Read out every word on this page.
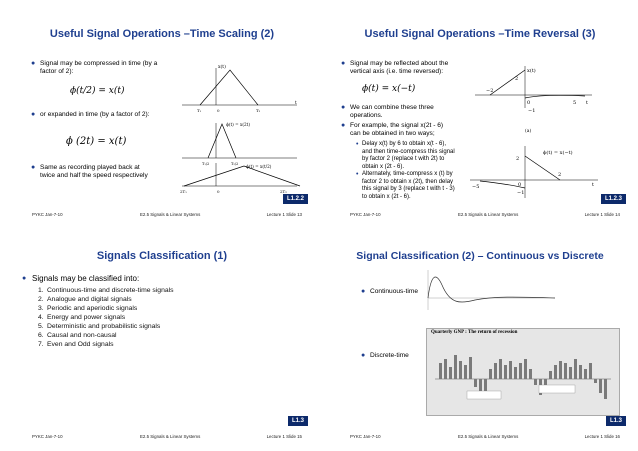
Useful Signal Operations –Time Scaling (2)
● Signal may be compressed in time (by a factor of 2):
ϕ(t/2) = x(t)
● or expanded in time (by a factor of 2):
ϕ (2t) = x(t)
● Same as recording played back at twice and half the speed respectively
x(t)
t
T₁	0	T₂
ϕ(t) = x(2t)
T₁/2	T₂/2 ϕ(t) = x(t/2)
2T₁	0	2T₂
L1.2.2
PYKC Jan-7-10	E2.5 Signals & Linear Systems	Lecture 1 Slide 13
Useful Signal Operations –Time Reversal (3)
● Signal may be reflected about the vertical axis (i.e. time reversed):
ϕ(t) = x(−t)
● We can combine these three operations.
● For example, the signal x(2t - 6) can be obtained in two ways;
• Delay x(t) by 6 to obtain x(t - 6), and then time-compress this signal by factor 2 (replace t with 2t) to obtain x (2t - 6).
• Alternately, time-compress x (t) by factor 2 to obtain x (2t), then delay this signal by 3 (replace t with t - 3) to obtain x (2t - 6).
x(t)
2
−2
0	5 t
−1
(a)
ϕ(t) = x(−t)
2
2
−5	0
−1
t
L1.2.3
PYKC Jan-7-10	E2.5 Signals & Linear Systems	Lecture 1 Slide 14
Signals Classification (1)
● Signals may be classified into:
1. Continuous-time and discrete-time signals
2. Analogue and digital signals
3. Periodic and aperiodic signals
4. Energy and power signals
5. Deterministic and probabilistic signals
6. Causal and non-causal
7. Even and Odd signals
L1.3
PYKC Jan-7-10	E2.5 Signals & Linear Systems	Lecture 1 Slide 15
Signal Classification (2) – Continuous vs Discrete
● Continuous-time
● Discrete-time
Quarterly GNP : The return of recession
L1.3
PYKC Jan-7-10	E2.5 Signals & Linear Systems	Lecture 1 Slide 16
